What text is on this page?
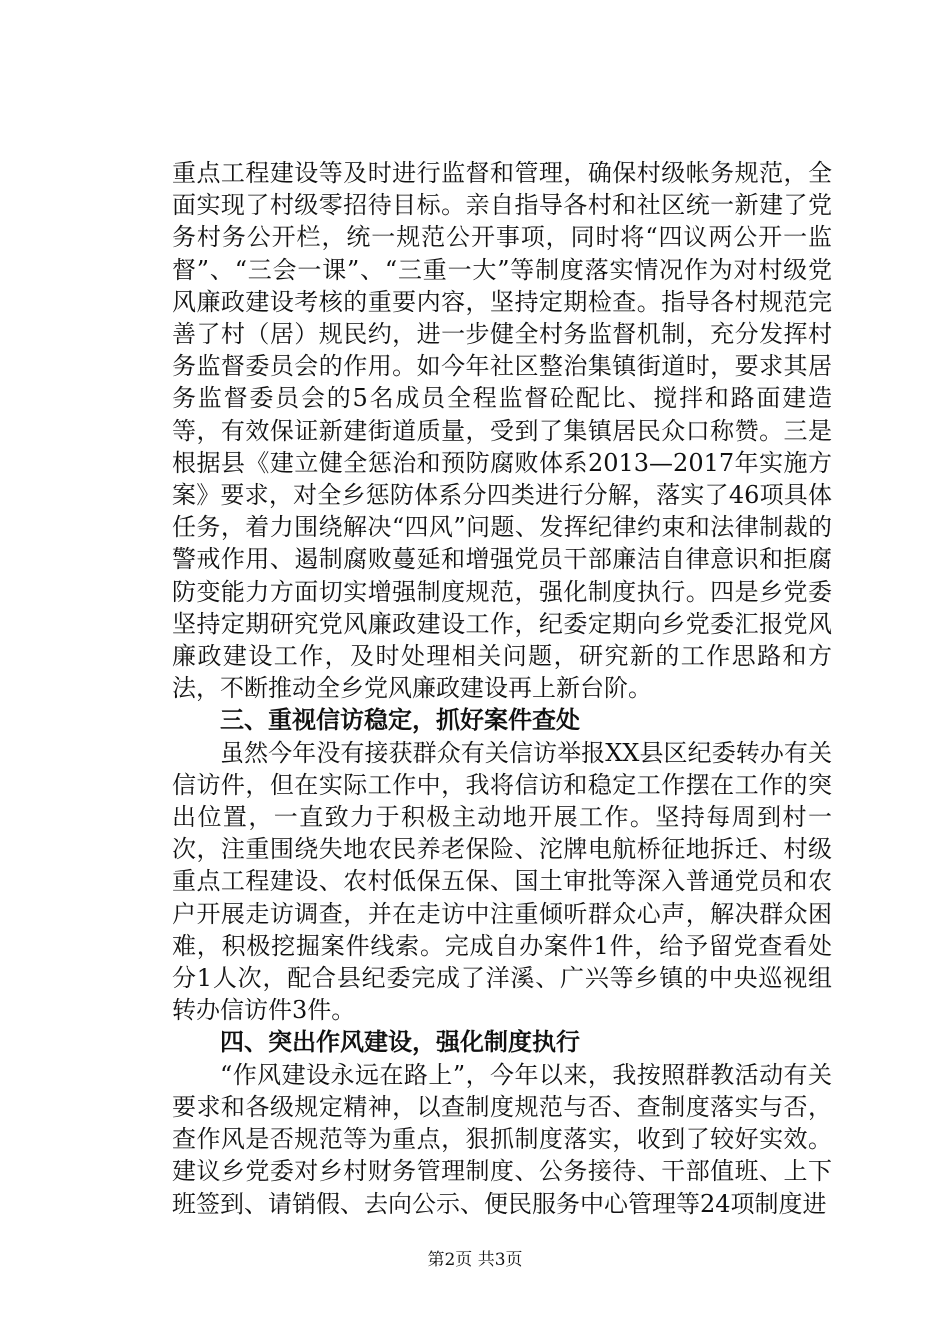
重点工程建设等及时进行监督和管理，确保村级帐务规范，全面实现了村级零招待目标。亲自指导各村和社区统一新建了党务村务公开栏，统一规范公开事项，同时将“四议两公开一监督”、“三会一课”、“三重一大”等制度落实情况作为对村级党风廉政建设考核的重要内容，坚持定期检查。指导各村规范完善了村（居）规民约，进一步健全村务监督机制，充分发挥村务监督委员会的作用。如今年社区整治集镇街道时，要求其居务监督委员会的5名成员全程监督砼配比、搅拌和路面建造等，有效保证新建街道质量，受到了集镇居民众口称赞。三是根据县《建立健全惩治和预防腐败体系2013—2017年实施方案》要求，对全乡惩防体系分四类进行分解，落实了46项具体任务，着力围绕解决“四风”问题、发挥纪律约束和法律制裁的警戒作用、遏制腐败蔓延和增强党员干部廉洁自律意识和拒腐防变能力方面切实增强制度规范，强化制度执行。四是乡党委坚持定期研究党风廉政建设工作，纪委定期向乡党委汇报党风廉政建设工作，及时处理相关问题，研究新的工作思路和方法，不断推动全乡党风廉政建设再上新台阶。

三、重视信访稳定，抓好案件查处

虽然今年没有接获群众有关信访举报XX县区纪委转办有关信访件，但在实际工作中，我将信访和稳定工作摆在工作的突出位置，一直致力于积极主动地开展工作。坚持每周到村一次，注重围绕失地农民养老保险、沱牌电航桥征地拆迁、村级重点工程建设、农村低保五保、国土审批等深入普通党员和农户开展走访调查，并在走访中注重倾听群众心声，解决群众困难，积极挖掘案件线索。完成自办案件1件，给予留党查看处分1人次，配合县纪委完成了洋溪、广兴等乡镇的中央巡视组转办信访件3件。

四、突出作风建设，强化制度执行

“作风建设永远在路上”，今年以来，我按照群教活动有关要求和各级规定精神，以查制度规范与否、查制度落实与否，查作风是否规范等为重点，狠抓制度落实，收到了较好实效。建议乡党委对乡村财务管理制度、公务接待、干部值班、上下班签到、请销假、去向公示、便民服务中心管理等24项制度进

第2页 共3页
